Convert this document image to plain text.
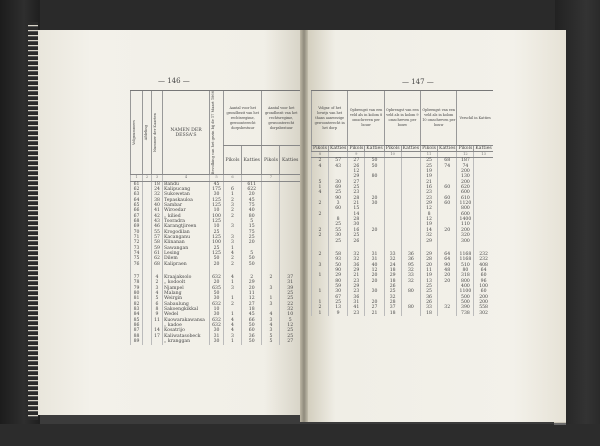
— 146 —	— 147 —
Volgnummers	Afdeling	Nummer der Kaarten	NAMEN DER DESSA'S	Bevolking van het gezin bij de 17 Maart 1866	Aantal voor het grondbezit van het rechtsregime, gewoonterecht dorpsbestuur		Aantal voor het grondbezit van het rechtsregime, gewoonterecht dorpsbestuur	
					Pikols	Katties	Pikols	Katties
1	2	3	4	5	6		7	
61		18	Bandu	45		611		
62		24	Kalipucang	175	6	622		
63		32	Sukowetan	30	1	20		
64		38	Tepaskauloa	125	2	45		
65		40	Sambar	125	3	75		
66		41	Wiroedar	10	2	40		
67		42	„ kilied	100	2	80		
68		43	Tooradra	125		5		
69		46	Karangtjireen	10	3	15		
70		55	Krogodilan	25		75		
71		57	Kacanganu	125	3	25		
72		58	Klinanan	100	3	20		
73		59	Sawangan	25	1			
74		61	Lesing	125	4	5		
75		62	Dilem	50	2	50		
76		68	Kalipraen	20	2	50		

77		4	Kraajaksolo	632	4	2	2	37
78		2	„ kodoolt	20	1	29		31
79		3	Njampel	635	3	20	3	39
80		4	Malang	50		11		25
81		5	Weirgin	30	1	12	1	25
82		6	Sabaulung	632	2	27	3	22
83		8	Sakoengkikkal	10		18		32
84		9	Wedel	30	1	45	4	10
85		11	Kuowarakawansa	632	4	66	3	5
86			„ kadoe	632	4	50	4	12
87		14	Kosatrijo	30	4	60	3	25
88		17	Kaliwatasobeck	31	3	36	5	25
89			„ kranggan	30	1	50	5	27
Volgnr. of het bewijs van het thans aanwezige gewoonterecht in het dorp		Opbrengst van een veld als in kolom 8 omschreven per bouw		Opbrengst van een veld als in kolom 9 omschreven per bouw		Opbrengst van een veld als in kolom 10 omschreven per bouw		Verschil in Katties	
Pikols	Katties	Pikols	Katties	Pikols	Katties	Pikols	Katties	Pikols	Katties
8		9		10		11		12	13
2	57	27	50			25	68	187	
4	43	26	50			25	74	74	
		12				19		200	
		29	80			19		130	
5	30	27				21		200	
1	69	25				16	60	620	
4	25	23				23		600	
	90	28	20			23	60	610	
2	3	21	30			29	60	1120	
	60	15				12		800	
2		14				8		600	
	8	28				12		1400	
	25	30				19		110	
2	55	16	20			14	20	200	
2	30	25				32		320	
	25	26				29		300	

2	58	32	31	33	36	29	64	1168	232
	93	32	31	32	36	28	64	1168	232
3	50	36	40	24	95	20	90	510	408
	90	29	12	18	32	11	48	80	64
1	29	21	20	29	33	19	20	318	60
	80	23	20	18	32	13	20	800	96
	59	29		26		25		400	100
1	30	23	30	25	80	25		1100	60
	67	36		32		36		500	200
1	25	31	20	28		26		500	200
2	13	41	27	37	80	33	32	390	558
1	9	23	21	18		18		738	302
